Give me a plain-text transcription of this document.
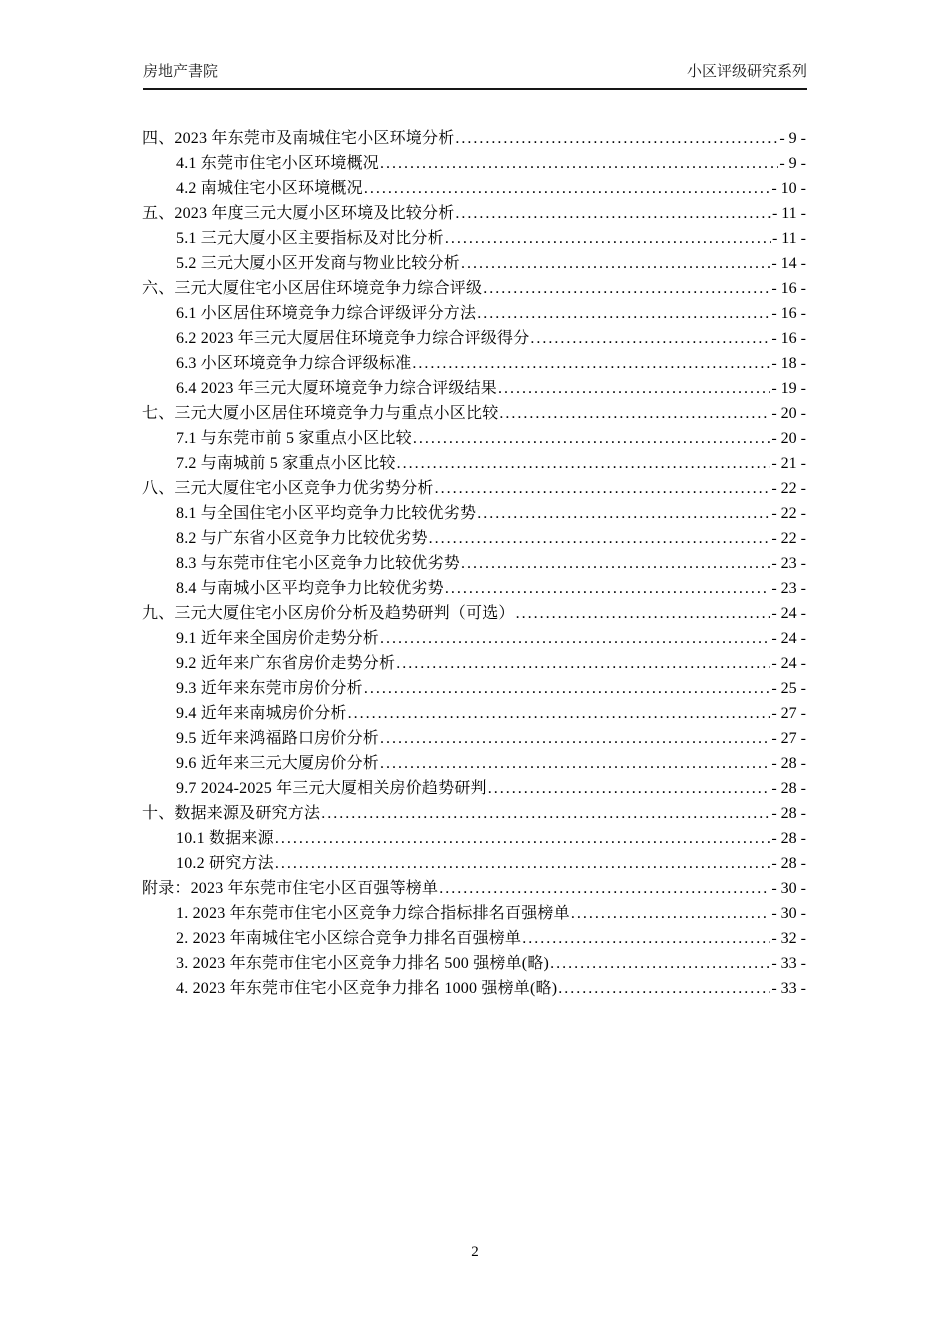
房地产書院	小区评级研究系列
四、2023 年东莞市及南城住宅小区环境分析 .....	- 9 -
4.1 东莞市住宅小区环境概况 .....	- 9 -
4.2 南城住宅小区环境概况 .....	- 10 -
五、2023 年度三元大厦小区环境及比较分析 .....	- 11 -
5.1 三元大厦小区主要指标及对比分析 .....	- 11 -
5.2 三元大厦小区开发商与物业比较分析 .....	- 14 -
六、三元大厦住宅小区居住环境竞争力综合评级 .....	- 16 -
6.1 小区居住环境竞争力综合评级评分方法 .....	- 16 -
6.2 2023 年三元大厦居住环境竞争力综合评级得分 .....	- 16 -
6.3 小区环境竞争力综合评级标准 .....	- 18 -
6.4 2023 年三元大厦环境竞争力综合评级结果 .....	- 19 -
七、三元大厦小区居住环境竞争力与重点小区比较 .....	- 20 -
7.1 与东莞市前 5 家重点小区比较 .....	- 20 -
7.2 与南城前 5 家重点小区比较 .....	- 21 -
八、三元大厦住宅小区竞争力优劣势分析 .....	- 22 -
8.1 与全国住宅小区平均竞争力比较优劣势 .....	- 22 -
8.2 与广东省小区竞争力比较优劣势 .....	- 22 -
8.3 与东莞市住宅小区竞争力比较优劣势 .....	- 23 -
8.4 与南城小区平均竞争力比较优劣势 .....	- 23 -
九、三元大厦住宅小区房价分析及趋势研判（可选） .....	- 24 -
9.1 近年来全国房价走势分析 .....	- 24 -
9.2 近年来广东省房价走势分析 .....	- 24 -
9.3 近年来东莞市房价分析 .....	- 25 -
9.4 近年来南城房价分析 .....	- 27 -
9.5 近年来鸿福路口房价分析 .....	- 27 -
9.6 近年来三元大厦房价分析 .....	- 28 -
9.7 2024-2025 年三元大厦相关房价趋势研判 .....	- 28 -
十、数据来源及研究方法 .....	- 28 -
10.1 数据来源 .....	- 28 -
10.2 研究方法 .....	- 28 -
附录：2023 年东莞市住宅小区百强等榜单 .....	- 30 -
1. 2023 年东莞市住宅小区竞争力综合指标排名百强榜单 .....	- 30 -
2. 2023 年南城住宅小区综合竞争力排名百强榜单 .....	- 32 -
3. 2023 年东莞市住宅小区竞争力排名 500 强榜单(略) .....	- 33 -
4. 2023 年东莞市住宅小区竞争力排名 1000 强榜单(略) .....	- 33 -
2
